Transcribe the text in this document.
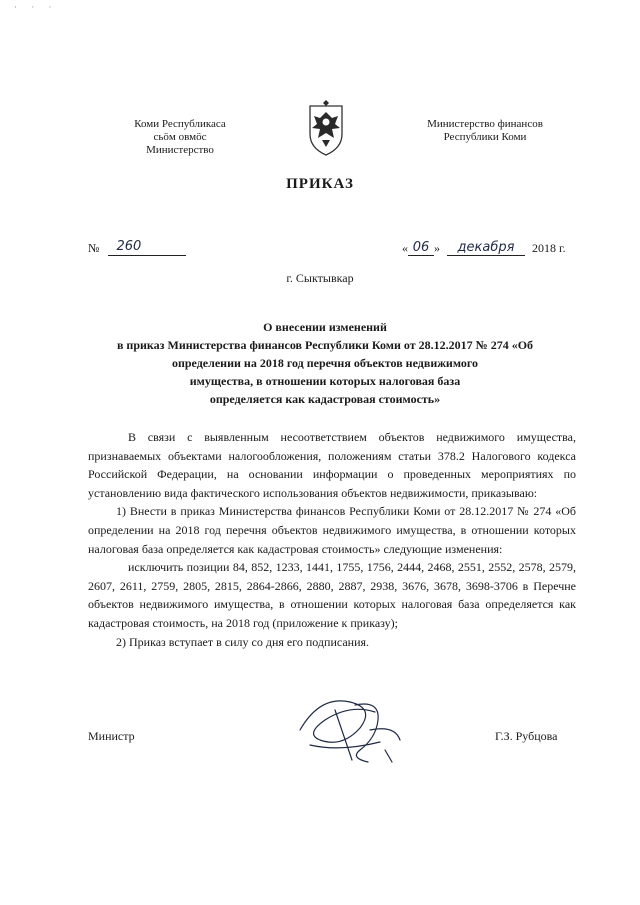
· · ·
Коми Республикаса
сьӧм овмӧс
Министерство
Министерство финансов
Республики Коми
ПРИКАЗ
№ 260	« 06 » декабря 2018 г.
г. Сыктывкар
О внесении изменений
в приказ Министерства финансов Республики Коми от 28.12.2017 № 274 «Об
определении на 2018 год перечня объектов недвижимого
имущества, в отношении которых налоговая база
определяется как кадастровая стоимость»

В связи с выявленным несоответствием объектов недвижимого имущества, признаваемых объектами налогообложения, положениям статьи 378.2 Налогового кодекса Российской Федерации, на основании информации о проведенных мероприятиях по установлению вида фактического использования объектов недвижимости, приказываю:

1) Внести в приказ Министерства финансов Республики Коми от 28.12.2017 № 274 «Об определении на 2018 год перечня объектов недвижимого имущества, в отношении которых налоговая база определяется как кадастровая стоимость» следующие изменения:

исключить позиции 84, 852, 1233, 1441, 1755, 1756, 2444, 2468, 2551, 2552, 2578, 2579, 2607, 2611, 2759, 2805, 2815, 2864-2866, 2880, 2887, 2938, 3676, 3678, 3698-3706 в Перечне объектов недвижимого имущества, в отношении которых налоговая база определяется как кадастровая стоимость, на 2018 год (приложение к приказу);

2) Приказ вступает в силу со дня его подписания.

Министр	Г.З. Рубцова
